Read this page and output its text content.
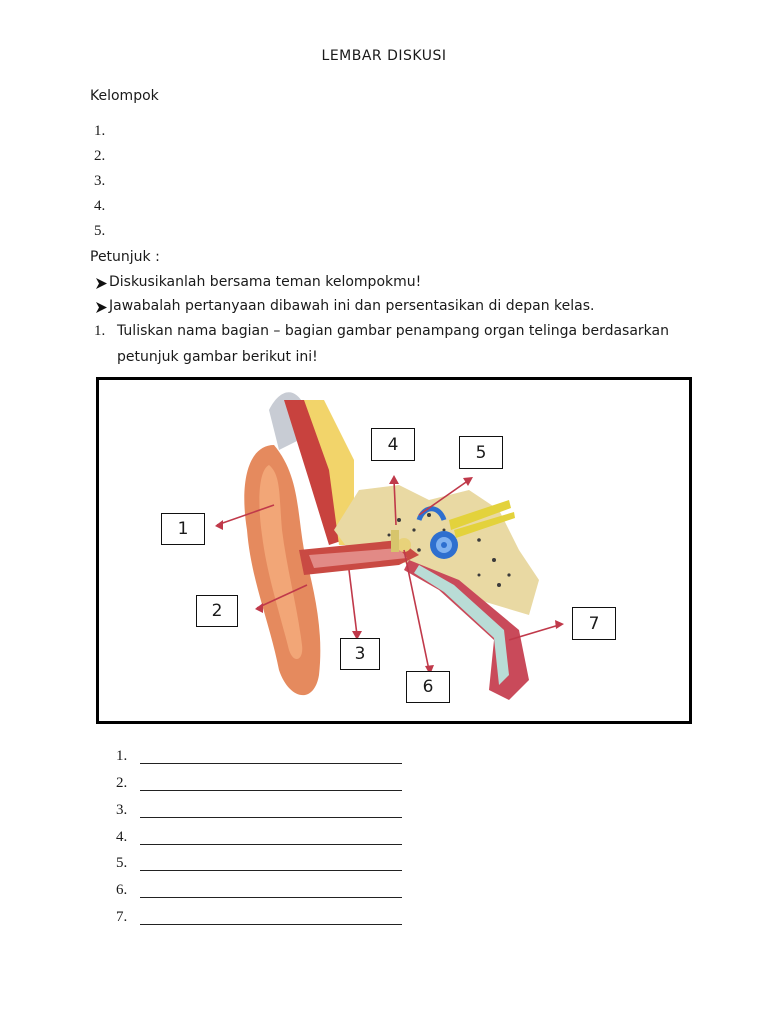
LEMBAR DISKUSI
Kelompok
1.
2.
3.
4.
5.
Petunjuk :
Diskusikanlah bersama teman kelompokmu!
Jawabalah pertanyaan dibawah ini dan persentasikan di depan kelas.
1. Tuliskan nama bagian – bagian gambar penampang organ telinga berdasarkan
petunjuk gambar berikut ini!
1
2
3
4	5
6
7
1.
2.
3.
4.
5.
6.
7.
